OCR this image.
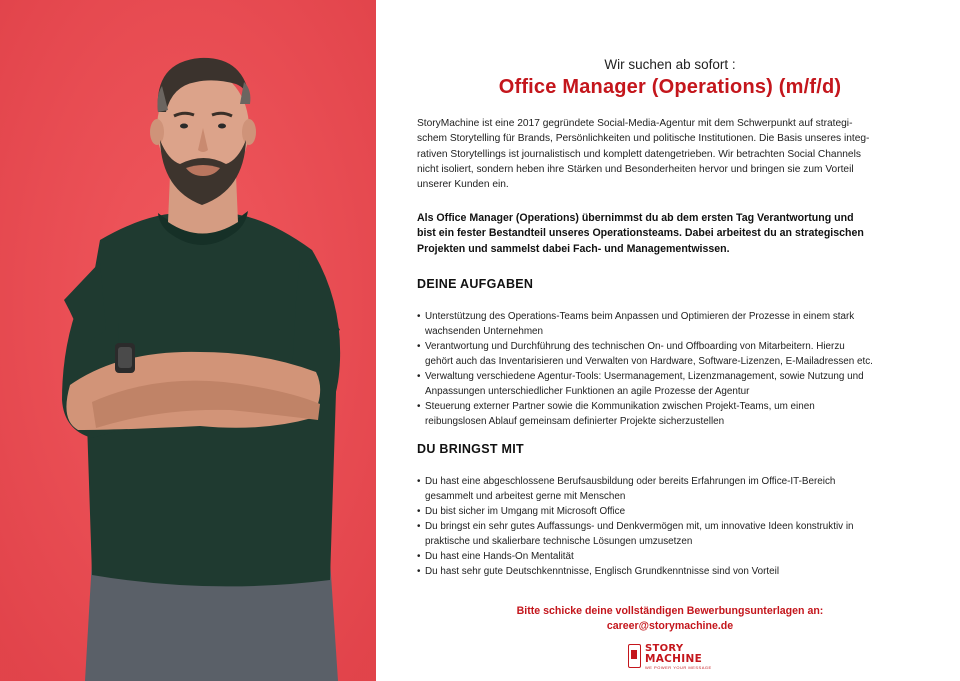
Wir suchen ab sofort :
Office Manager (Operations) (m/f/d)

StoryMachine ist eine 2017 gegründete Social-Media-Agentur mit dem Schwerpunkt auf strategi-
schem Storytelling für Brands, Persönlichkeiten und politische Institutionen. Die Basis unseres integ-
rativen Storytellings ist journalistisch und komplett datengetrieben. Wir betrachten Social Channels
nicht isoliert, sondern heben ihre Stärken und Besonderheiten hervor und bringen sie zum Vorteil
unserer Kunden ein.

Als Office Manager (Operations) übernimmst du ab dem ersten Tag Verantwortung und
bist ein fester Bestandteil unseres Operationsteams. Dabei arbeitest du an strategischen
Projekten und sammelst dabei Fach- und Managementwissen.

DEINE AUFGABEN
• Unterstützung des Operations-Teams beim Anpassen und Optimieren der Prozesse in einem stark
wachsenden Unternehmen
• Verantwortung und Durchführung des technischen On- und Offboarding von Mitarbeitern. Hierzu
gehört auch das Inventarisieren und Verwalten von Hardware, Software-Lizenzen, E-Mailadressen etc.
• Verwaltung verschiedene Agentur-Tools: Usermanagement, Lizenzmanagement, sowie Nutzung und
Anpassungen unterschiedlicher Funktionen an agile Prozesse der Agentur
• Steuerung externer Partner sowie die Kommunikation zwischen Projekt-Teams, um einen
reibungslosen Ablauf gemeinsam definierter Projekte sicherzustellen
DU BRINGST MIT
• Du hast eine abgeschlossene Berufsausbildung oder bereits Erfahrungen im Office-IT-Bereich
gesammelt und arbeitest gerne mit Menschen
• Du bist sicher im Umgang mit Microsoft Office
• Du bringst ein sehr gutes Auffassungs- und Denkvermögen mit, um innovative Ideen konstruktiv in
praktische und skalierbare technische Lösungen umzusetzen
• Du hast eine Hands-On Mentalität
• Du hast sehr gute Deutschkenntnisse, Englisch Grundkenntnisse sind von Vorteil
Bitte schicke deine vollständigen Bewerbungsunterlagen an:
career@storymachine.de
STORY
MACHINE
WE POWER YOUR MESSAGE
